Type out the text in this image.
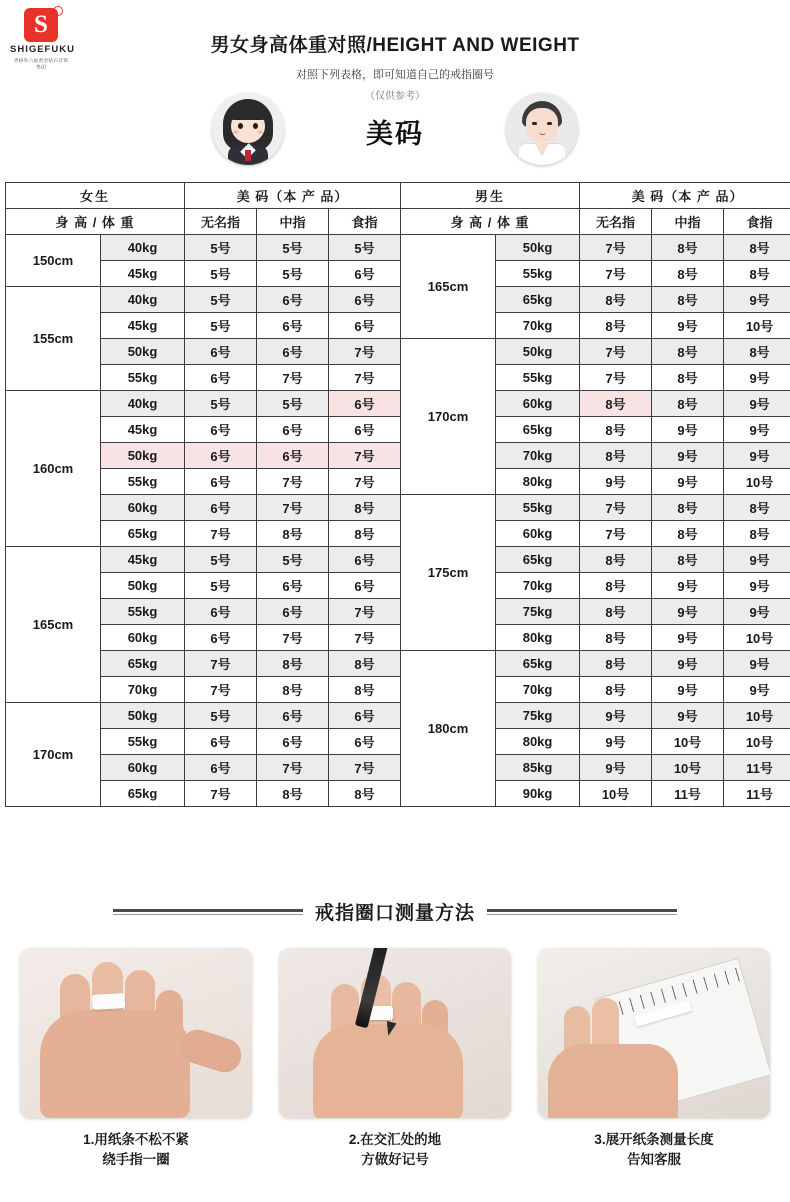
S
SHIGEFUKU
香格库六福黄金钻石首饰集团
男女身高体重对照/HEIGHT AND WEIGHT
对照下列表格，即可知道自己的戒指圈号
（仅供参考）
美码
女生		美 码（本 产 品）			男生		美 码（本 产 品）		
身 高 / 体 重		无名指	中指	食指	身 高 / 体 重		无名指	中指	食指
150cm	40kg	5号	5号	5号	165cm	50kg	7号	8号	8号
	45kg	5号	5号	6号		55kg	7号	8号	8号
155cm	40kg	5号	6号	6号		65kg	8号	8号	9号
	45kg	5号	6号	6号		70kg	8号	9号	10号
	50kg	6号	6号	7号	170cm	50kg	7号	8号	8号
	55kg	6号	7号	7号		55kg	7号	8号	9号
160cm	40kg	5号	5号	6号		60kg	8号	8号	9号
	45kg	6号	6号	6号		65kg	8号	9号	9号
	50kg	6号	6号	7号		70kg	8号	9号	9号
	55kg	6号	7号	7号		80kg	9号	9号	10号
	60kg	6号	7号	8号	175cm	55kg	7号	8号	8号
	65kg	7号	8号	8号		60kg	7号	8号	8号
165cm	45kg	5号	5号	6号		65kg	8号	8号	9号
	50kg	5号	6号	6号		70kg	8号	9号	9号
	55kg	6号	6号	7号		75kg	8号	9号	9号
	60kg	6号	7号	7号		80kg	8号	9号	10号
	65kg	7号	8号	8号	180cm	65kg	8号	9号	9号
	70kg	7号	8号	8号		70kg	8号	9号	9号
170cm	50kg	5号	6号	6号		75kg	9号	9号	10号
	55kg	6号	6号	6号		80kg	9号	10号	10号
	60kg	6号	7号	7号		85kg	9号	10号	11号
	65kg	7号	8号	8号		90kg	10号	11号	11号
戒指圈口测量方法
1.用纸条不松不紧
绕手指一圈
2.在交汇处的地
方做好记号
3.展开纸条测量长度
告知客服
